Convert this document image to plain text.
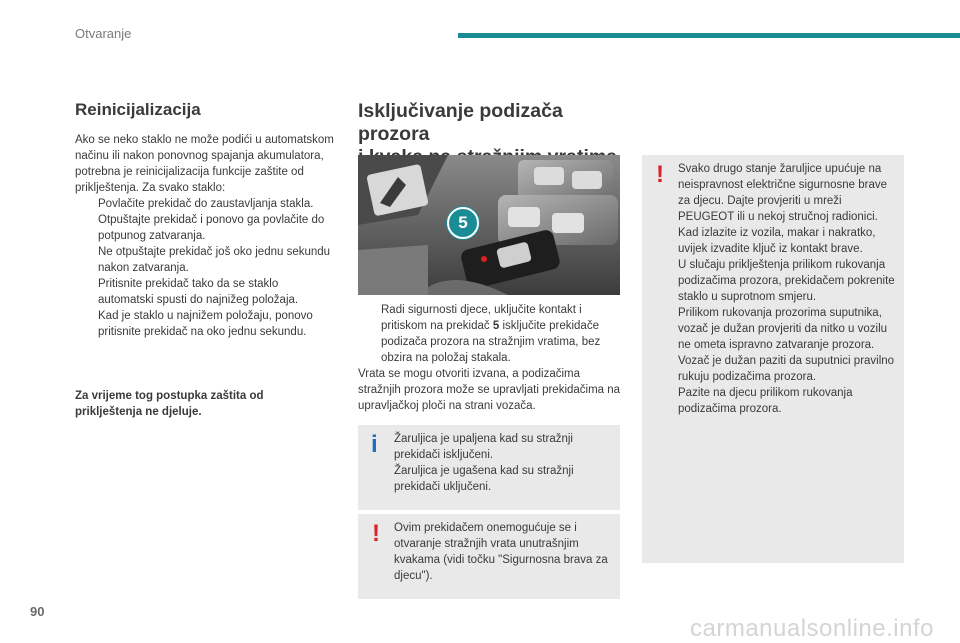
Otvaranje
Reinicijalizacija

Ako se neko staklo ne može podići u automatskom načinu ili nakon ponovnog spajanja akumulatora, potrebna je reinicijalizacija funkcije zaštite od priklještenja. Za svako staklo:

Povlačite prekidač do zaustavljanja stakla.
Otpuštajte prekidač i ponovo ga povlačite do potpunog zatvaranja.
Ne otpuštajte prekidač još oko jednu sekundu nakon zatvaranja.
Pritisnite prekidač tako da se staklo automatski spusti do najnižeg položaja.
Kad je staklo u najnižem položaju, ponovo pritisnite prekidač na oko jednu sekundu.
Za vrijeme tog postupka zaštita od priklještenja ne djeluje.
Isključivanje podizača prozora

5
Radi sigurnosti djece, uključite kontakt i pritiskom na prekidač 5 isključite prekidače podizača prozora na stražnjim vratima, bez obzira na položaj stakala.

Vrata se mogu otvoriti izvana, a podizačima stražnjih prozora može se upravljati prekidačima na upravljačkoj ploči na strani vozača.

i Žaruljica je upaljena kad su stražnji prekidači isključeni.
Žaruljica je ugašena kad su stražnji prekidači uključeni.
! Ovim prekidačem onemogućuje se i otvaranje stražnjih vrata unutrašnjim kvakama (vidi točku "Sigurnosna brava za djecu").
! Svako drugo stanje žaruljice upućuje na neispravnost električne sigurnosne brave za djecu. Dajte provjeriti u mreži PEUGEOT ili u nekoj stručnoj radionici.
Kad izlazite iz vozila, makar i nakratko, uvijek izvadite ključ iz kontakt brave.
U slučaju priklještenja prilikom rukovanja podizačima prozora, prekidačem pokrenite staklo u suprotnom smjeru.
Prilikom rukovanja prozorima suputnika, vozač je dužan provjeriti da nitko u vozilu ne ometa ispravno zatvaranje prozora.
Vozač je dužan paziti da suputnici pravilno rukuju podizačima prozora.
Pazite na djecu prilikom rukovanja podizačima prozora.
90
carmanualsonline.info
